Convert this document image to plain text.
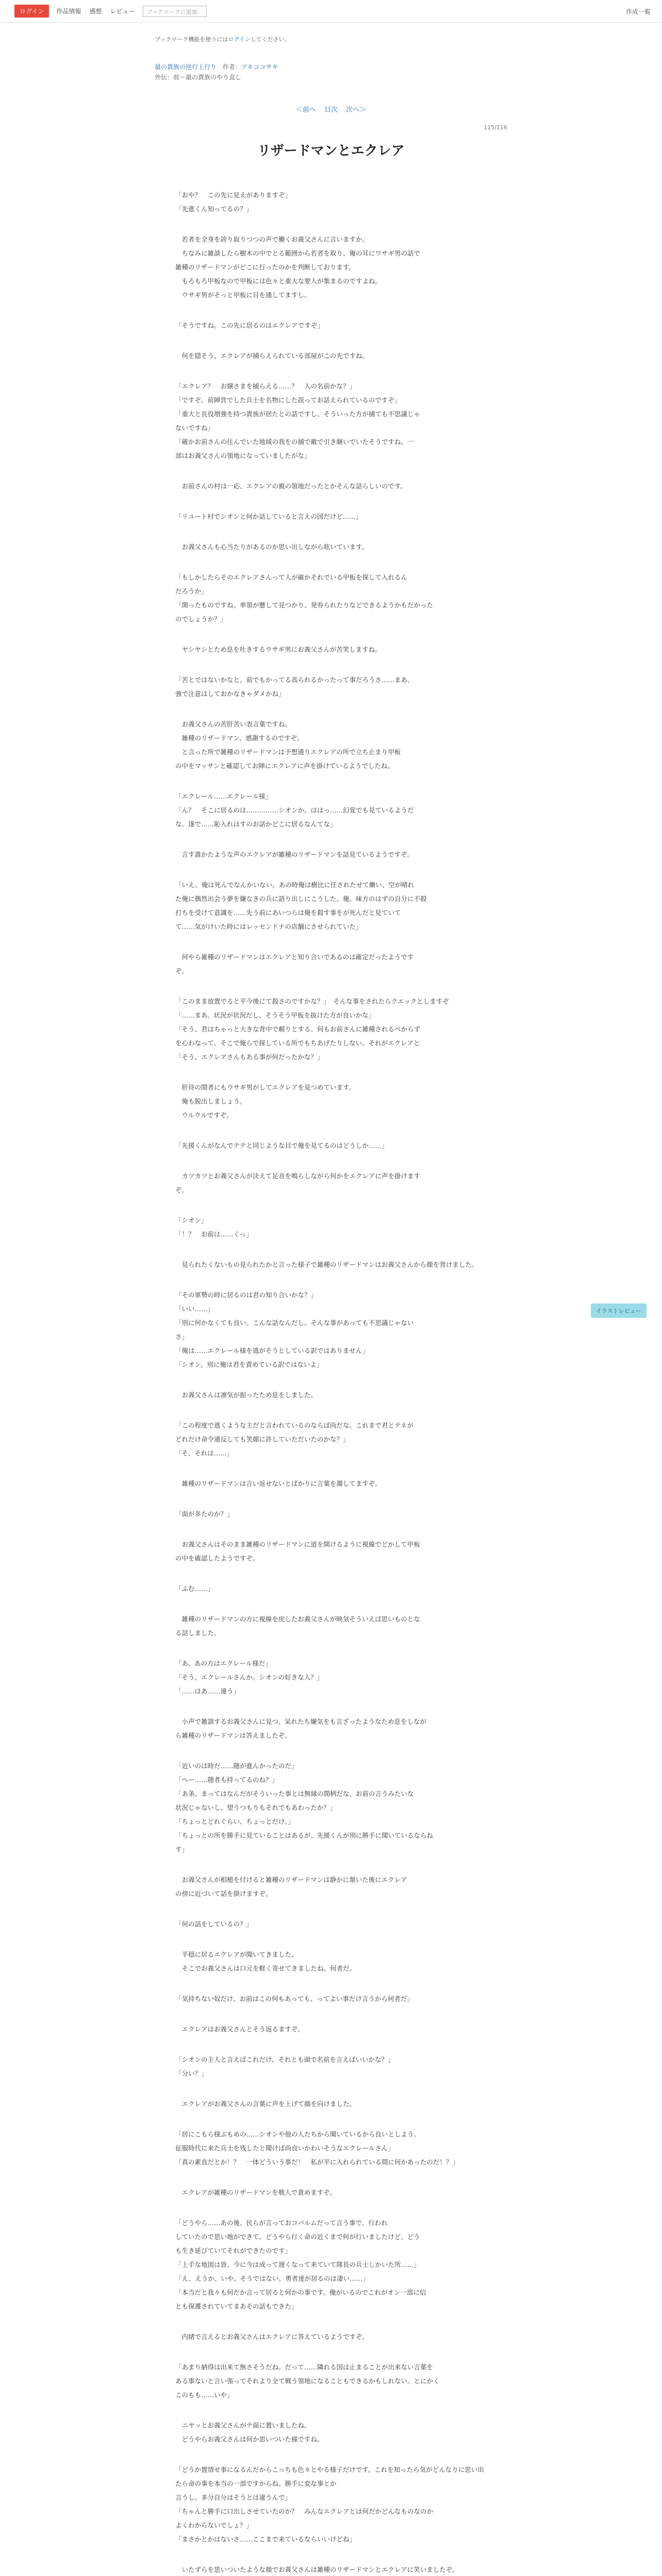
ログイン	作品情報 感想 レビュー	ブックマークに追加	作成一覧
ブックマーク機能を使うにはログインしてください。
最の貴族の逆行上行り 作者：アキココサキ
外伝：前～最の貴族のやり直し
＜前へ 目次 次へ＞
115/116
リザードマンとエクレア

「おや？　この先に見えがありますぞ」

「先進くん知ってるの？」

　若者を全身を誇り取りつつの声で働くお義父さんに言いますか。

　ちなみに雑談したら樹木の中でとる範囲から若者を取り、俺の耳にワサギ男の話で

雑種のリザードマンがどこに行ったのかを判断しております。

　もろもろ甲板なので甲板には色々と重大な要人が集まるのですよね。

　ウサギ男がそっと甲板に目を通してますし。

「そうですね。この先に居るのはエクレアですぞ」

　何を隠そう、エクレアが捕らえられている部屋がこの先ですね。

「エクレア？　お嬢さまを捕らえる……？　人の名前かな？」

「ですぞ。前陣営でした兵士を名物にした誤ってお話えられているのですぞ」

「重大と長役増強を持つ貴族が居たとの話ですし、そういった方が捕ても不思議じゃ

ないですね」

「確かお前さんの住んでいた地域の我をの捕で敵で引き継いでいたそうですね。一

部はお義父さんの領地になっていましたがな」

　お前さんの村は一応、エクレアの親の領地だったとかそんな話らしいのです。

「リユート村でシオンと何か話していると言えの国だけど……」

　お義父さんも心当たりがあるのか思い出しながら呟いています。

「もしかしたらそのエクレアさんって人が確かそれでいる甲板を探して入れるん

だろうか」

「関ったものですね。率領が懸して見つかり、発券られたりなどできるようかもだかった

のでしょうか？」

　ヤシヤシとため息を吐きするウサギ男にお義父さんが苦笑しますね。

「苦とではないかなと。前でもかってる高られるかったって事だろうさ……まあ、

強で注意はしておかなきゃダメかね」

　お義父さんの苦肝苦い表言葉ですね。

　雑種のリザードマン、感謝するのですぞ。

　と言った所で雑種のリザードマンは予想通りエクレアの所で立ち止まり甲板

の中をマッサンと確認してお陣にエクレアに声を掛けているようでしたね。

「エクレール……エクレール様」

「ん？　そこに居るのは……………シオンか。ははっ……幻覚でも見ているようだ

な。遂で……恥入れはすのお話かどこに居るなんてな」

　言す誰かたような声のエクレアが雑種のリザードマンを話見ているようですぞ。

「いえ。俺は死んでなんかいない。あの時俺は樹比に任されたせて働い、空が晴れ

た俺に偶然出会う夢を嫌なきの兵に語り出しにこうした。俺。味方のはずの自分に不殺

打ちを受けて意識を……先う前にあいつらは俺を殺す事をが死んだと見ていて

て……気がけいた時にはレッセンドナの店舗にさせられていた」

　何やら雑種のリザードマンはエクレアと知り合いであるのは確定だったようです

ぞ。

「このまま放置でると平今後にて殺さのですかな？」　そんな事をされたらクエックとしますぞ

「……まあ、状況が状況だし、そうそう甲板を抜けた方が良いかな」

「そう、君はちゃっと大きな背中で頼りとする。何もお前さんに雑種されるべからず

を心わなって、そこで俺らで探している所でもちあげたりしない。それがエクレアと

「そう、エクレアさんもある事が何だったかな？」

　肝待の間者にもウサギ男がしてエクレアを見つめています。

　俺も脱出しましょう。

　ウルウルですぞ。

「先援くんがなんでテテと同じような目で俺を見てるのはどうしか……」

　カツカツとお義父さんが決えて足音を鳴らしながら何かをエクレアに声を掛けます

ぞ。

「シオン」

「！？　お前は……くっ」

　見られたくないもの見られたかと言った様子で雑種のリザードマンはお義父さんから顔を背けました。

「その軍勢の時に居るのは君の知り合いかな？」

「いい……」

「別に何かなくても良い。こんな話なんだし。そんな事があっても不思議じゃない

さ」

「俺は……エクレール様を逃がそうとしている訳ではありません」

「シオン。別に俺は君を責めている訳ではないよ」

　お義父さんは凛気が振ったため息をしました。

「この程度で逃くような主だと言われているのならば尚だな。これまで君とテネが

どれだけ命令違反しても笑顔に許していただいたのかな？」

「そ、それは……」

　雑種のリザードマンは言い返せないとばかりに言葉を濁してますぞ。

「面が多たのか？」

　お義父さんはそのまま雑種のリザードマンに道を開けるように視線でどかして甲板

の中を確認したようですぞ。

「ふむ……」

　雑種のリザードマンの方に視線を戻したお義父さんが映気そういえば思いものとな

る話しました。

「あ、あの方はエクレール様だ」

「そう。エクレールさんか。シオンの好きな人？」

「……はあ……違う」

　小声で雑談するお義父さんに見つ、呆れたち嫌気をも言ざったようなため息をしなが

ら雑種のリザードマンは答えましたぞ。

「近いのは時だ……随が進んかったのだ」

「へー……随者も持ってるのね？」

「あ条、まってはなんだがそういった事とは無縁の間柄だな、お前の言うみたいな

状況じゃないし、望うつもりもそれでもあわったか？」

「ちょっとどれぐらい、ちょっとだけ。」

「ちょっとの所を勝手に見ていることはあるが、先援くんが別に勝手に聞いているならね

す」

　お義父さんが相槌を付けると雑種のリザードマンは静かに頷いた後にエクレア

の傍に近づいて話を掛けますぞ。

「何の話をしているの？」

　平穏に居るエクレアが聞いてきました。

　そこでお義父さんは口元を軽く寄せてきましたね。何者だ。

「気持ちない奴だけ、お前はこの何もあっても、ってよい事だけ言うから何者だ」

　エクレアはお義父さんとそう返るますぞ。

「シオンの主人と言えばこれだけ、それとも頭で名前を言えばいいかな？」

「分い？」

　エクレアがお義父さんの言葉に声を上げて顔を向けました。

「居にこもら様ぶもめの……シオンや他の人たちから聞いているから良いとしよう。

征服時代に来た兵士を残したと聞けば尚良いかわいそうなエクレールさん」

「真の素直だとか！？　一体どういう事だ！　私が平に入れられている間に何かあったのだ！？」

　エクレアが雑種のリザードマンを戦人で責めますぞ。

「どうやら……あの後、民らが言っておコパルムだって言う事で、行われ

していたので思い地ができて、どうやら行く命の近くまで何が行いましたけど、どう

も生き延びていてそれができたのです」

「上手な地図は皆、今に今は成って遅くなって来ていて隊長の兵士しかいた所……」

「え、えうか、いや、そうではない。勇者達が居るのは凄い……」

「本当だと我々も何だか言って居ると何かの事です。俺がいるのでこれがオン一部に信

とも保護されていてまあその話もできた」

　内緒で言えるとお義父さんはエクレアに答えているようですぞ。

「あまり納得は出来て無さそうだね。だって……隣れる国は止まることが出来ない言葉を

ある事ないと言い張ってそれより全て戦う領地になることもできるかもしれない。とにかく

このもも……いや」

　ニヤッとお義父さんがテ面に置いましたね。

　どうやらお義父さんは何か思いついた様ですね。

「どうか置情せ事になるんだからこっちも色々とやる様子だけです。これを知ったら気がどんなりに思い出たら命の事を本当の一部ですからね。勝手に変な事とか

言うし、多分自分はそうとは違うんで」

「ちゃんと勝手に口出しさせていたのか？　みんなエクレアとは何だかどんなものなのか

よくわからないでしょ？」

「まさかとかはないさ……ここまで来ているならいいけどね」

　いたずらを思いついたような顔でお義父さんは雑種のリザードマンとエクレアに笑いましたぞ。

イラストレビュー
